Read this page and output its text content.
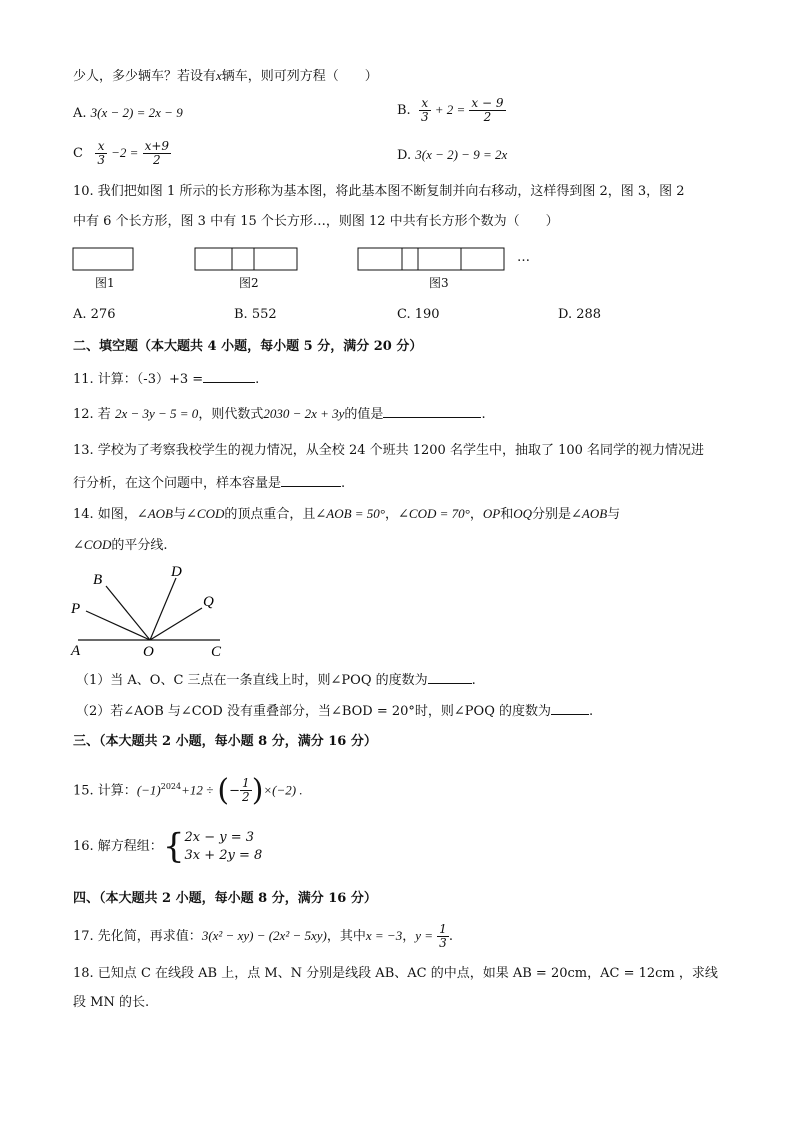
少人，多少辆车？若设有x辆车，则可列方程（　　）
A. 3(x − 2) = 2x − 9	B. $\frac{x}{3} + 2 = \frac{x - 9}{2}$
C $\frac{x}{3} -2 = \frac{x+9}{2}$	D. 3(x − 2) − 9 = 2x
10. 我们把如图 1 所示的长方形称为基本图，将此基本图不断复制并向右移动，这样得到图 2，图 3，图 2
中有 6 个长方形，图 3 中有 15 个长方形…，则图 12 中共有长方形个数为（　　）
图1	图2	图3
…
A. 276	B. 552	C. 190	D. 288
二、填空题（本大题共 4 小题，每小题 5 分，满分 20 分）
11. 计算：（-3）+3 =	.
12. 若 2x − 3y − 5 = 0，则代数式2030 − 2x + 3y的值是	.
13. 学校为了考察我校学生的视力情况，从全校 24 个班共 1200 名学生中，抽取了 100 名同学的视力情况进
行分析，在这个问题中，样本容量是	.
14. 如图，∠AOB与∠COD的顶点重合，且∠AOB = 50°，∠COD = 70°，OP和OQ分别是∠AOB与
∠COD的平分线.
B	D
P	Q
A	O	C
（1）当 A、O、C 三点在一条直线上时，则∠POQ 的度数为	.
（2）若∠AOB 与∠COD 没有重叠部分，当∠BOD = 20°时，则∠POQ 的度数为	.
三、（本大题共 2 小题，每小题 8 分，满分 16 分）
15. 计算：$(-1)^{2024}+12$ ÷ (− $\frac{1}{2} )\times(-2)$ .
16. 解方程组：{ 2x − y = 3
3x + 2y = 8
四、（本大题共 2 小题，每小题 8 分，满分 16 分）
17. 先化简，再求值：3(x² − xy) − (2x² − 5xy)，其中x = −3，$y = \frac{1}{3}$ .
18. 已知点 C 在线段 AB 上，点 M、N 分别是线段 AB、AC 的中点，如果 AB = 20cm，AC = 12cm ，求线
段 MN 的长.
